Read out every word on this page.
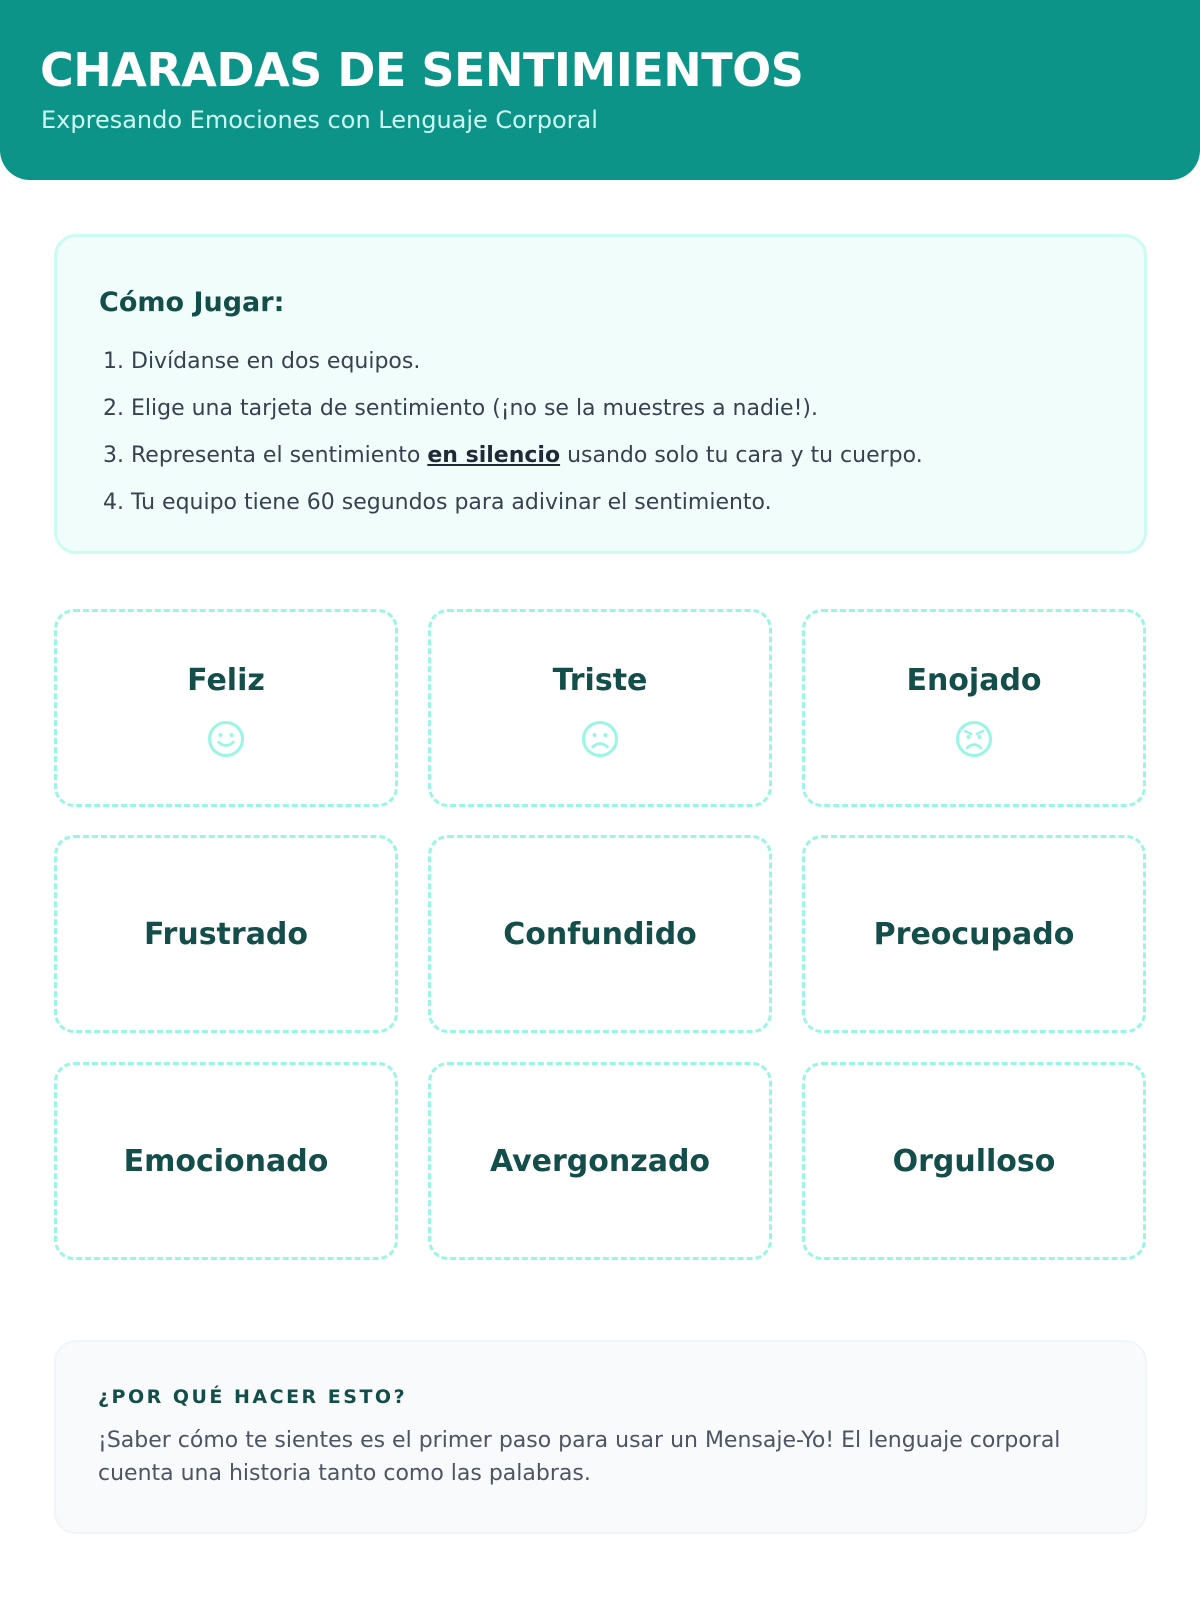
CHARADAS DE SENTIMIENTOS
Expresando Emociones con Lenguaje Corporal
Cómo Jugar:
1. Divídanse en dos equipos.
2. Elige una tarjeta de sentimiento (¡no se la muestres a nadie!).
3. Representa el sentimiento en silencio usando solo tu cara y tu cuerpo.
4. Tu equipo tiene 60 segundos para adivinar el sentimiento.
Feliz	Triste	Enojado
Frustrado	Confundido	Preocupado
Emocionado	Avergonzado	Orgulloso
¿POR QUÉ HACER ESTO?

¡Saber cómo te sientes es el primer paso para usar un Mensaje-Yo! El lenguaje corporal cuenta una historia tanto como las palabras.
